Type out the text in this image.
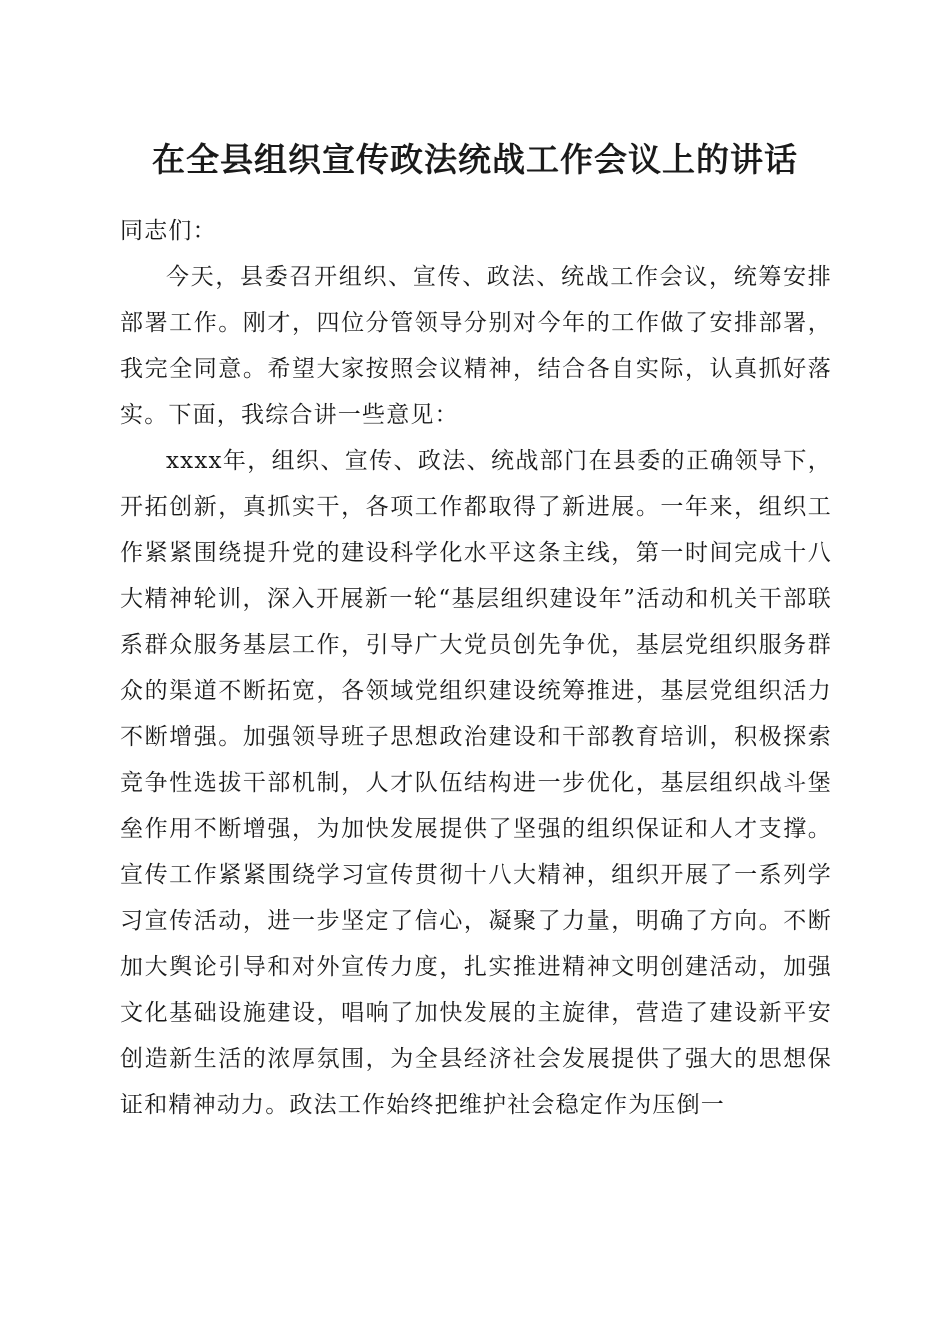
在全县组织宣传政法统战工作会议上的讲话

同志们：

今天，县委召开组织、宣传、政法、统战工作会议，统筹安排部署工作。刚才，四位分管领导分别对今年的工作做了安排部署，我完全同意。希望大家按照会议精神，结合各自实际，认真抓好落实。下面，我综合讲一些意见：

xxxx年，组织、宣传、政法、统战部门在县委的正确领导下，开拓创新，真抓实干，各项工作都取得了新进展。一年来，组织工作紧紧围绕提升党的建设科学化水平这条主线，第一时间完成十八大精神轮训，深入开展新一轮“基层组织建设年”活动和机关干部联系群众服务基层工作，引导广大党员创先争优，基层党组织服务群众的渠道不断拓宽，各领域党组织建设统筹推进，基层党组织活力不断增强。加强领导班子思想政治建设和干部教育培训，积极探索竞争性选拔干部机制，人才队伍结构进一步优化，基层组织战斗堡垒作用不断增强，为加快发展提供了坚强的组织保证和人才支撑。宣传工作紧紧围绕学习宣传贯彻十八大精神，组织开展了一系列学习宣传活动，进一步坚定了信心，凝聚了力量，明确了方向。不断加大舆论引导和对外宣传力度，扎实推进精神文明创建活动，加强文化基础设施建设，唱响了加快发展的主旋律，营造了建设新平安创造新生活的浓厚氛围，为全县经济社会发展提供了强大的思想保证和精神动力。政法工作始终把维护社会稳定作为压倒一
